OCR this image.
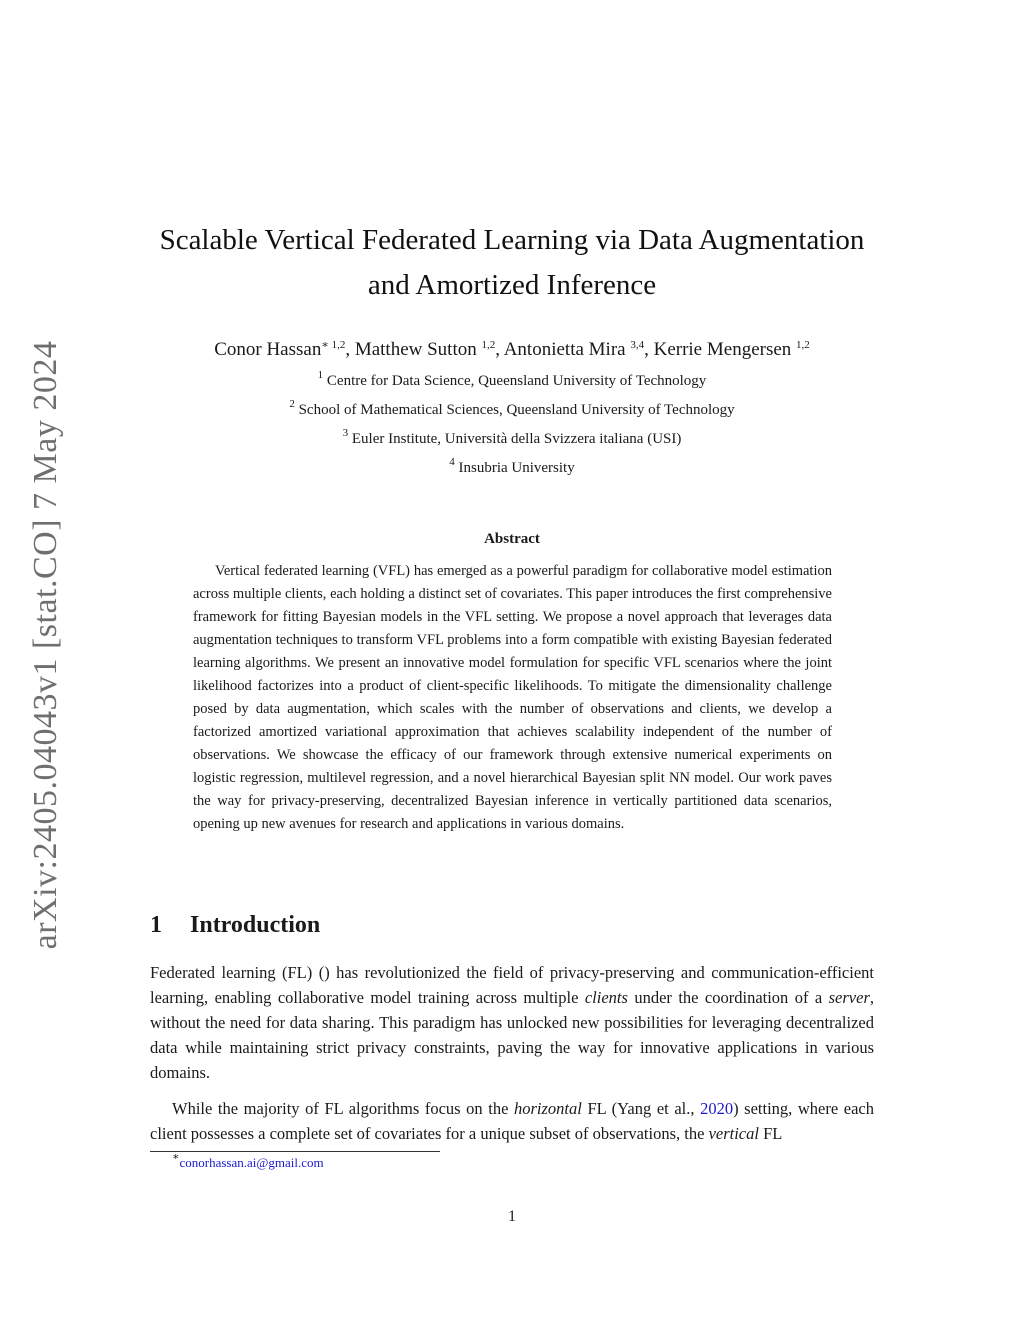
arXiv:2405.04043v1 [stat.CO] 7 May 2024
Scalable Vertical Federated Learning via Data Augmentation
and Amortized Inference
Conor Hassan$^{∗ 1,2}$, Matthew Sutton $^{1,2}$, Antonietta Mira $^{3,4}$, Kerrie Mengersen $^{1,2}$
$^1$ Centre for Data Science, Queensland University of Technology
$^2$ School of Mathematical Sciences, Queensland University of Technology
$^3$ Euler Institute, Università della Svizzera italiana (USI)
$^4$ Insubria University
Abstract

Vertical federated learning (VFL) has emerged as a powerful paradigm for collaborative model estimation across multiple clients, each holding a distinct set of covariates. This paper introduces the first comprehensive framework for fitting Bayesian models in the VFL setting. We propose a novel approach that leverages data augmentation techniques to transform VFL problems into a form compatible with existing Bayesian federated learning algorithms. We present an innovative model formulation for specific VFL scenarios where the joint likelihood factorizes into a product of client-specific likelihoods. To mitigate the dimensionality challenge posed by data augmentation, which scales with the number of observations and clients, we develop a factorized amortized variational approximation that achieves scalability independent of the number of observations. We showcase the efficacy of our framework through extensive numerical experiments on logistic regression, multilevel regression, and a novel hierarchical Bayesian split NN model. Our work paves the way for privacy-preserving, decentralized Bayesian inference in vertically partitioned data scenarios, opening up new avenues for research and applications in various domains.

1 Introduction

Federated learning (FL) () has revolutionized the field of privacy-preserving and communication-efficient learning, enabling collaborative model training across multiple clients under the coordination of a server, without the need for data sharing. This paradigm has unlocked new possibilities for leveraging decentralized data while maintaining strict privacy constraints, paving the way for innovative applications in various domains.

While the majority of FL algorithms focus on the horizontal FL (Yang et al., 2020) setting, where each client possesses a complete set of covariates for a unique subset of observations, the vertical FL

∗conorhassan.ai@gmail.com
1
